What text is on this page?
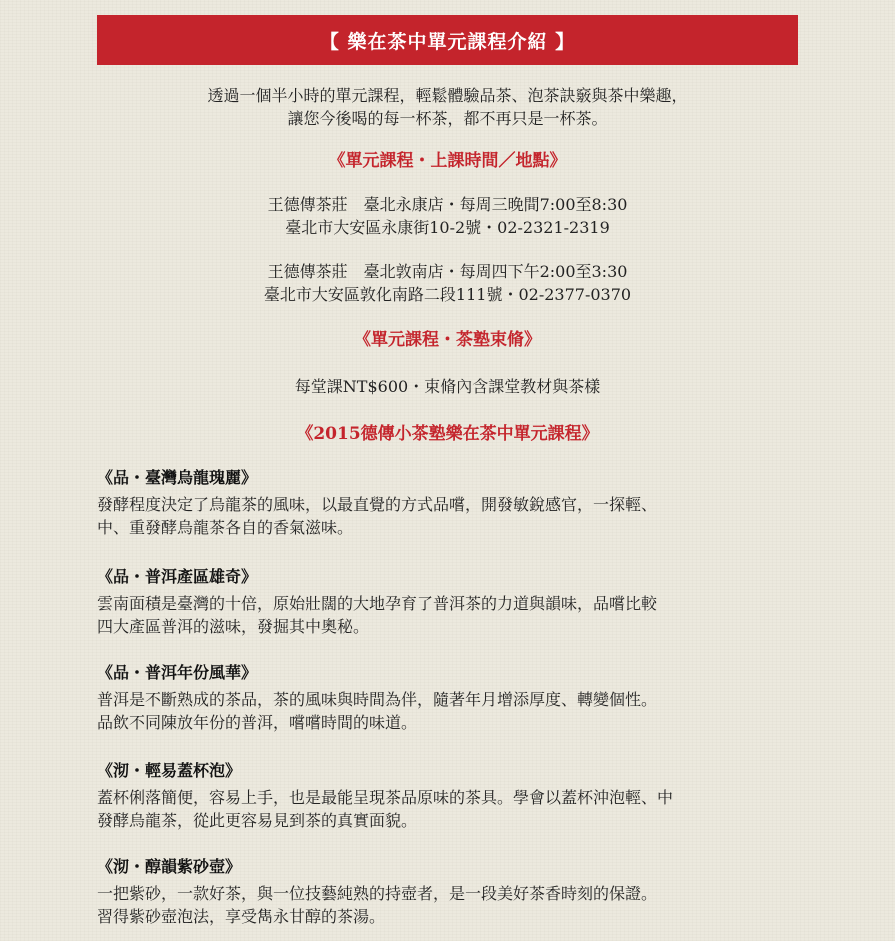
【 樂在茶中單元課程介紹 】
透過一個半小時的單元課程，輕鬆體驗品茶、泡茶訣竅與茶中樂趣，
讓您今後喝的每一杯茶，都不再只是一杯茶。
《單元課程・上課時間／地點》
王德傳茶莊　臺北永康店・每周三晚間7:00至8:30
臺北市大安區永康街10-2號・02-2321-2319
王德傳茶莊　臺北敦南店・每周四下午2:00至3:30
臺北市大安區敦化南路二段111號・02-2377-0370
《單元課程・茶塾束脩》
每堂課NT$600・束脩內含課堂教材與茶樣
《2015德傳小茶塾樂在茶中單元課程》
《品・臺灣烏龍瑰麗》
發酵程度決定了烏龍茶的風味，以最直覺的方式品嚐，開發敏銳感官，一探輕、
中、重發酵烏龍茶各自的香氣滋味。
《品・普洱產區雄奇》
雲南面積是臺灣的十倍，原始壯闊的大地孕育了普洱茶的力道與韻味，品嚐比較
四大產區普洱的滋味，發掘其中奧秘。
《品・普洱年份風華》
普洱是不斷熟成的茶品，茶的風味與時間為伴，隨著年月增添厚度、轉變個性。
品飲不同陳放年份的普洱，嚐嚐時間的味道。
《沏・輕易蓋杯泡》
蓋杯俐落簡便，容易上手，也是最能呈現茶品原味的茶具。學會以蓋杯沖泡輕、中
發酵烏龍茶，從此更容易見到茶的真實面貌。
《沏・醇韻紫砂壺》
一把紫砂，一款好茶，與一位技藝純熟的持壺者，是一段美好茶香時刻的保證。
習得紫砂壺泡法，享受雋永甘醇的茶湯。
